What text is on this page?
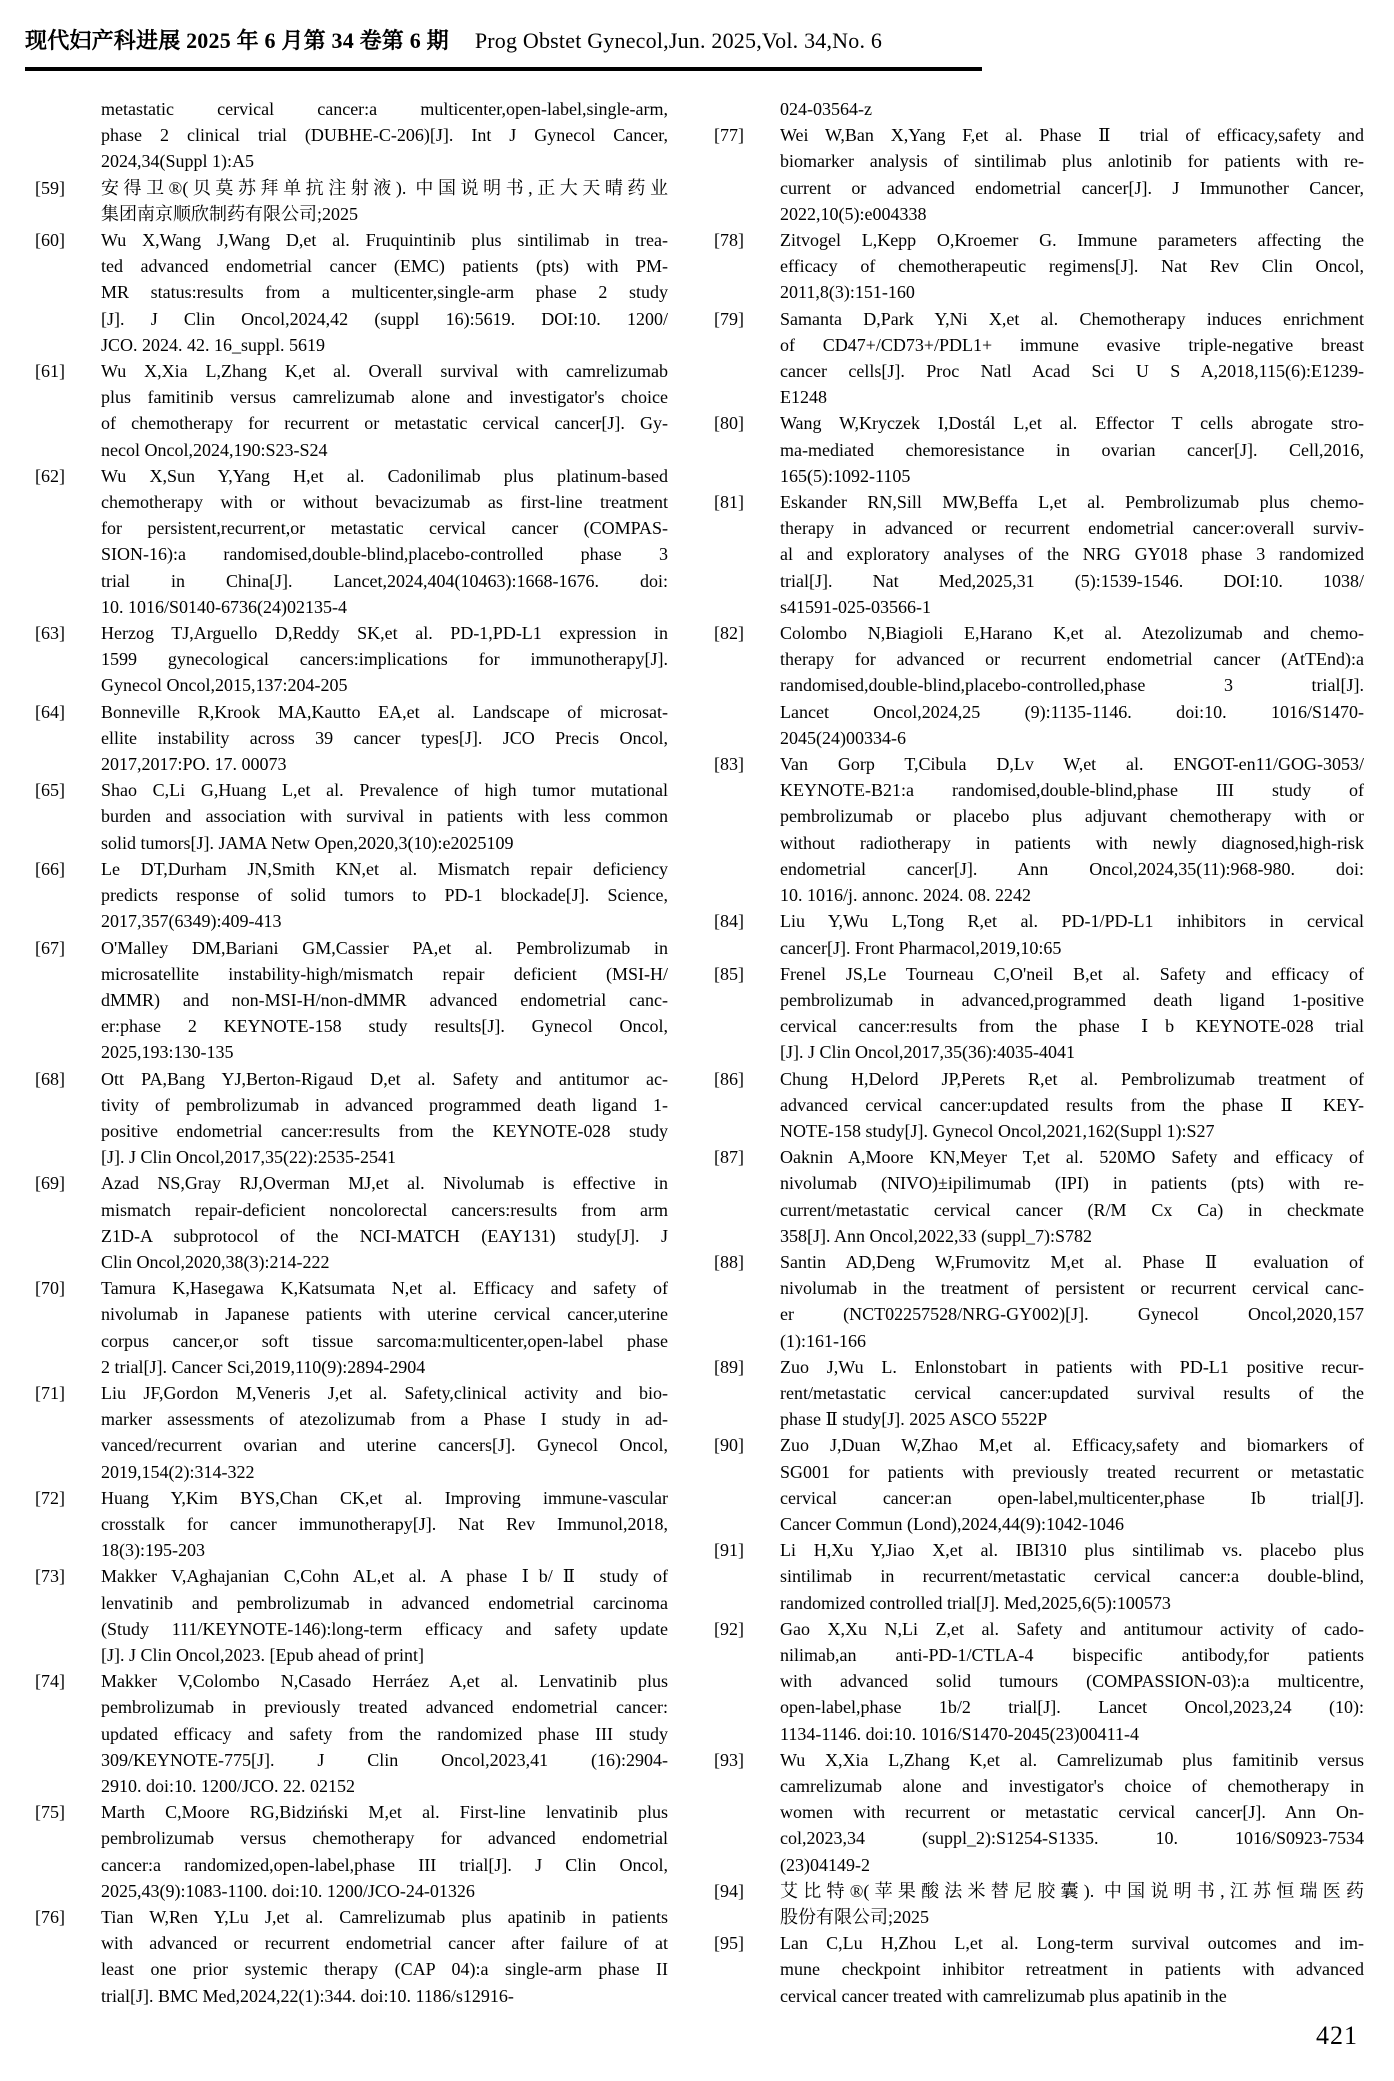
现代妇产科进展 2025 年 6 月第 34 卷第 6 期 Prog Obstet Gynecol,Jun. 2025,Vol. 34,No. 6
metastatic cervical cancer:a multicenter,open-label,single-arm,
phase 2 clinical trial (DUBHE-C-206)[J]. Int J Gynecol Cancer,
2024,34(Suppl 1):A5
[59]	安得卫®(贝莫苏拜单抗注射液). 中国说明书,正大天晴药业
集团南京顺欣制药有限公司;2025
[60]	Wu X,Wang J,Wang D,et al. Fruquintinib plus sintilimab in trea-
ted advanced endometrial cancer (EMC) patients (pts) with PM-
MR status:results from a multicenter,single-arm phase 2 study
[J]. J Clin Oncol,2024,42 (suppl 16):5619. DOI:10. 1200/
JCO. 2024. 42. 16_suppl. 5619
[61]	Wu X,Xia L,Zhang K,et al. Overall survival with camrelizumab
plus famitinib versus camrelizumab alone and investigator's choice
of chemotherapy for recurrent or metastatic cervical cancer[J]. Gy-
necol Oncol,2024,190:S23-S24
[62]	Wu X,Sun Y,Yang H,et al. Cadonilimab plus platinum-based
chemotherapy with or without bevacizumab as first-line treatment
for persistent,recurrent,or metastatic cervical cancer (COMPAS-
SION-16):a randomised,double-blind,placebo-controlled phase 3
trial in China[J]. Lancet,2024,404(10463):1668-1676. doi:
10. 1016/S0140-6736(24)02135-4
[63]	Herzog TJ,Arguello D,Reddy SK,et al. PD-1,PD-L1 expression in
1599 gynecological cancers:implications for immunotherapy[J].
Gynecol Oncol,2015,137:204-205
[64]	Bonneville R,Krook MA,Kautto EA,et al. Landscape of microsat-
ellite instability across 39 cancer types[J]. JCO Precis Oncol,
2017,2017:PO. 17. 00073
[65]	Shao C,Li G,Huang L,et al. Prevalence of high tumor mutational
burden and association with survival in patients with less common
solid tumors[J]. JAMA Netw Open,2020,3(10):e2025109
[66]	Le DT,Durham JN,Smith KN,et al. Mismatch repair deficiency
predicts response of solid tumors to PD-1 blockade[J]. Science,
2017,357(6349):409-413
[67]	O'Malley DM,Bariani GM,Cassier PA,et al. Pembrolizumab in
microsatellite instability-high/mismatch repair deficient (MSI-H/
dMMR) and non-MSI-H/non-dMMR advanced endometrial canc-
er:phase 2 KEYNOTE-158 study results[J]. Gynecol Oncol,
2025,193:130-135
[68]	Ott PA,Bang YJ,Berton-Rigaud D,et al. Safety and antitumor ac-
tivity of pembrolizumab in advanced programmed death ligand 1-
positive endometrial cancer:results from the KEYNOTE-028 study
[J]. J Clin Oncol,2017,35(22):2535-2541
[69]	Azad NS,Gray RJ,Overman MJ,et al. Nivolumab is effective in
mismatch repair-deficient noncolorectal cancers:results from arm
Z1D-A subprotocol of the NCI-MATCH (EAY131) study[J]. J
Clin Oncol,2020,38(3):214-222
[70]	Tamura K,Hasegawa K,Katsumata N,et al. Efficacy and safety of
nivolumab in Japanese patients with uterine cervical cancer,uterine
corpus cancer,or soft tissue sarcoma:multicenter,open-label phase
2 trial[J]. Cancer Sci,2019,110(9):2894-2904
[71]	Liu JF,Gordon M,Veneris J,et al. Safety,clinical activity and bio-
marker assessments of atezolizumab from a Phase I study in ad-
vanced/recurrent ovarian and uterine cancers[J]. Gynecol Oncol,
2019,154(2):314-322
[72]	Huang Y,Kim BYS,Chan CK,et al. Improving immune-vascular
crosstalk for cancer immunotherapy[J]. Nat Rev Immunol,2018,
18(3):195-203
[73]	Makker V,Aghajanian C,Cohn AL,et al. A phase Ⅰb/Ⅱ study of
lenvatinib and pembrolizumab in advanced endometrial carcinoma
(Study 111/KEYNOTE-146):long-term efficacy and safety update
[J]. J Clin Oncol,2023. [Epub ahead of print]
[74]	Makker V,Colombo N,Casado Herráez A,et al. Lenvatinib plus
pembrolizumab in previously treated advanced endometrial cancer:
updated efficacy and safety from the randomized phase III study
309/KEYNOTE-775[J]. J Clin Oncol,2023,41 (16):2904-
2910. doi:10. 1200/JCO. 22. 02152
[75]	Marth C,Moore RG,Bidziński M,et al. First-line lenvatinib plus
pembrolizumab versus chemotherapy for advanced endometrial
cancer:a randomized,open-label,phase III trial[J]. J Clin Oncol,
2025,43(9):1083-1100. doi:10. 1200/JCO-24-01326
[76]	Tian W,Ren Y,Lu J,et al. Camrelizumab plus apatinib in patients
with advanced or recurrent endometrial cancer after failure of at
least one prior systemic therapy (CAP 04):a single-arm phase II
trial[J]. BMC Med,2024,22(1):344. doi:10. 1186/s12916-
024-03564-z
[77]	Wei W,Ban X,Yang F,et al. Phase Ⅱ trial of efficacy,safety and
biomarker analysis of sintilimab plus anlotinib for patients with re-
current or advanced endometrial cancer[J]. J Immunother Cancer,
2022,10(5):e004338
[78]	Zitvogel L,Kepp O,Kroemer G. Immune parameters affecting the
efficacy of chemotherapeutic regimens[J]. Nat Rev Clin Oncol,
2011,8(3):151-160
[79]	Samanta D,Park Y,Ni X,et al. Chemotherapy induces enrichment
of CD47+/CD73+/PDL1+ immune evasive triple-negative breast
cancer cells[J]. Proc Natl Acad Sci U S A,2018,115(6):E1239-
E1248
[80]	Wang W,Kryczek I,Dostál L,et al. Effector T cells abrogate stro-
ma-mediated chemoresistance in ovarian cancer[J]. Cell,2016,
165(5):1092-1105
[81]	Eskander RN,Sill MW,Beffa L,et al. Pembrolizumab plus chemo-
therapy in advanced or recurrent endometrial cancer:overall surviv-
al and exploratory analyses of the NRG GY018 phase 3 randomized
trial[J]. Nat Med,2025,31 (5):1539-1546. DOI:10. 1038/
s41591-025-03566-1
[82]	Colombo N,Biagioli E,Harano K,et al. Atezolizumab and chemo-
therapy for advanced or recurrent endometrial cancer (AtTEnd):a
randomised,double-blind,placebo-controlled,phase 3 trial[J].
Lancet Oncol,2024,25 (9):1135-1146. doi:10. 1016/S1470-
2045(24)00334-6
[83]	Van Gorp T,Cibula D,Lv W,et al. ENGOT-en11/GOG-3053/
KEYNOTE-B21:a randomised,double-blind,phase III study of
pembrolizumab or placebo plus adjuvant chemotherapy with or
without radiotherapy in patients with newly diagnosed,high-risk
endometrial cancer[J]. Ann Oncol,2024,35(11):968-980. doi:
10. 1016/j. annonc. 2024. 08. 2242
[84]	Liu Y,Wu L,Tong R,et al. PD-1/PD-L1 inhibitors in cervical
cancer[J]. Front Pharmacol,2019,10:65
[85]	Frenel JS,Le Tourneau C,O'neil B,et al. Safety and efficacy of
pembrolizumab in advanced,programmed death ligand 1-positive
cervical cancer:results from the phase Ⅰb KEYNOTE-028 trial
[J]. J Clin Oncol,2017,35(36):4035-4041
[86]	Chung H,Delord JP,Perets R,et al. Pembrolizumab treatment of
advanced cervical cancer:updated results from the phase Ⅱ KEY-
NOTE-158 study[J]. Gynecol Oncol,2021,162(Suppl 1):S27
[87]	Oaknin A,Moore KN,Meyer T,et al. 520MO Safety and efficacy of
nivolumab (NIVO)±ipilimumab (IPI) in patients (pts) with re-
current/metastatic cervical cancer (R/M Cx Ca) in checkmate
358[J]. Ann Oncol,2022,33 (suppl_7):S782
[88]	Santin AD,Deng W,Frumovitz M,et al. Phase Ⅱ evaluation of
nivolumab in the treatment of persistent or recurrent cervical canc-
er (NCT02257528/NRG-GY002)[J]. Gynecol Oncol,2020,157
(1):161-166
[89]	Zuo J,Wu L. Enlonstobart in patients with PD-L1 positive recur-
rent/metastatic cervical cancer:updated survival results of the
phase Ⅱ study[J]. 2025 ASCO 5522P
[90]	Zuo J,Duan W,Zhao M,et al. Efficacy,safety and biomarkers of
SG001 for patients with previously treated recurrent or metastatic
cervical cancer:an open-label,multicenter,phase Ib trial[J].
Cancer Commun (Lond),2024,44(9):1042-1046
[91]	Li H,Xu Y,Jiao X,et al. IBI310 plus sintilimab vs. placebo plus
sintilimab in recurrent/metastatic cervical cancer:a double-blind,
randomized controlled trial[J]. Med,2025,6(5):100573
[92]	Gao X,Xu N,Li Z,et al. Safety and antitumour activity of cado-
nilimab,an anti-PD-1/CTLA-4 bispecific antibody,for patients
with advanced solid tumours (COMPASSION-03):a multicentre,
open-label,phase 1b/2 trial[J]. Lancet Oncol,2023,24 (10):
1134-1146. doi:10. 1016/S1470-2045(23)00411-4
[93]	Wu X,Xia L,Zhang K,et al. Camrelizumab plus famitinib versus
camrelizumab alone and investigator's choice of chemotherapy in
women with recurrent or metastatic cervical cancer[J]. Ann On-
col,2023,34 (suppl_2):S1254-S1335. 10. 1016/S0923-7534
(23)04149-2
[94]	艾比特®(苹果酸法米替尼胶囊). 中国说明书,江苏恒瑞医药
股份有限公司;2025
[95]	Lan C,Lu H,Zhou L,et al. Long-term survival outcomes and im-
mune checkpoint inhibitor retreatment in patients with advanced
cervical cancer treated with camrelizumab plus apatinib in the
421
